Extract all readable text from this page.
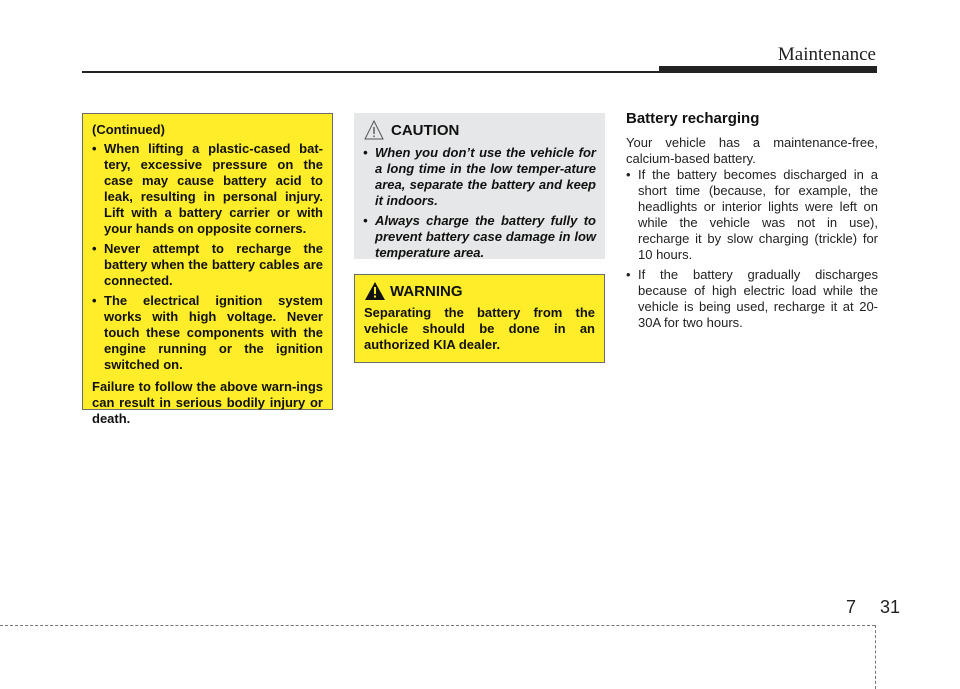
Maintenance

(Continued)

• When lifting a plastic-cased bat-tery, excessive pressure on the case may cause battery acid to leak, resulting in personal injury. Lift with a battery carrier or with your hands on opposite corners.
• Never attempt to recharge the battery when the battery cables are connected.
• The electrical ignition system works with high voltage. Never touch these components with the engine running or the ignition switched on.

Failure to follow the above warn-ings can result in serious bodily injury or death.

CAUTION
• When you don’t use the vehicle for a long time in the low temper-ature area, separate the battery and keep it indoors.
• Always charge the battery fully to prevent battery case damage in low temperature area.
WARNING

Separating the battery from the vehicle should be done in an authorized KIA dealer.

Battery recharging

Your vehicle has a maintenance-free, calcium-based battery.

• If the battery becomes discharged in a short time (because, for example, the headlights or interior lights were left on while the vehicle was not in use), recharge it by slow charging (trickle) for 10 hours.
• If the battery gradually discharges because of high electric load while the vehicle is being used, recharge it at 20-30A for two hours.
7 31
